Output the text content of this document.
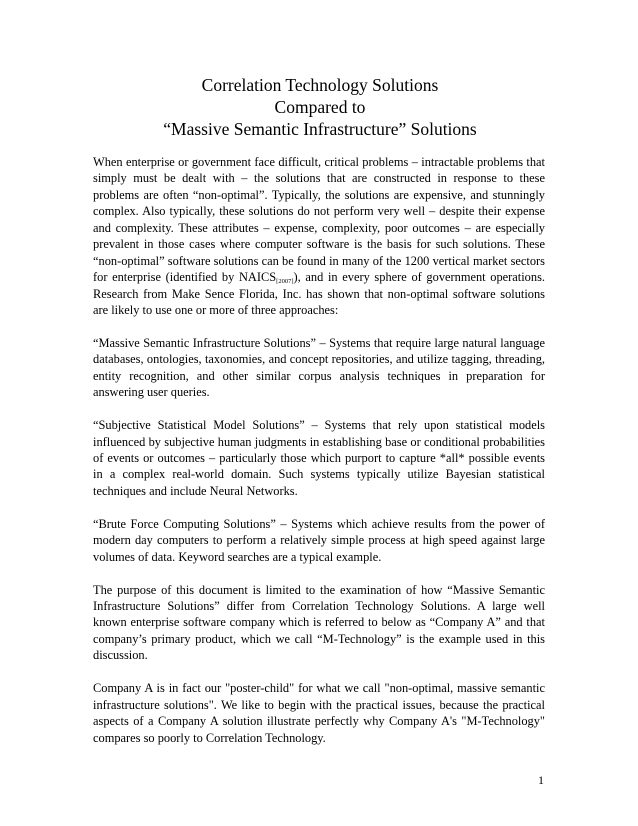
Correlation Technology Solutions
Compared to
“Massive Semantic Infrastructure” Solutions

When enterprise or government face difficult, critical problems – intractable problems that simply must be dealt with – the solutions that are constructed in response to these problems are often “non-optimal”. Typically, the solutions are expensive, and stunningly complex. Also typically, these solutions do not perform very well – despite their expense and complexity. These attributes – expense, complexity, poor outcomes – are especially prevalent in those cases where computer software is the basis for such solutions. These “non-optimal” software solutions can be found in many of the 1200 vertical market sectors for enterprise (identified by $NAICS_{[2007]}$), and in every sphere of government operations. Research from Make Sence Florida, Inc. has shown that non-optimal software solutions are likely to use one or more of three approaches:

“Massive Semantic Infrastructure Solutions” – Systems that require large natural language databases, ontologies, taxonomies, and concept repositories, and utilize tagging, threading, entity recognition, and other similar corpus analysis techniques in preparation for answering user queries.

“Subjective Statistical Model Solutions” – Systems that rely upon statistical models influenced by subjective human judgments in establishing base or conditional probabilities of events or outcomes – particularly those which purport to capture *all* possible events in a complex real-world domain. Such systems typically utilize Bayesian statistical techniques and include Neural Networks.

“Brute Force Computing Solutions” – Systems which achieve results from the power of modern day computers to perform a relatively simple process at high speed against large volumes of data. Keyword searches are a typical example.

The purpose of this document is limited to the examination of how “Massive Semantic Infrastructure Solutions” differ from Correlation Technology Solutions. A large well known enterprise software company which is referred to below as “Company A” and that company’s primary product, which we call “M-Technology” is the example used in this discussion.

Company A is in fact our "poster-child" for what we call "non-optimal, massive semantic infrastructure solutions". We like to begin with the practical issues, because the practical aspects of a Company A solution illustrate perfectly why Company A's "M-Technology" compares so poorly to Correlation Technology.

1
